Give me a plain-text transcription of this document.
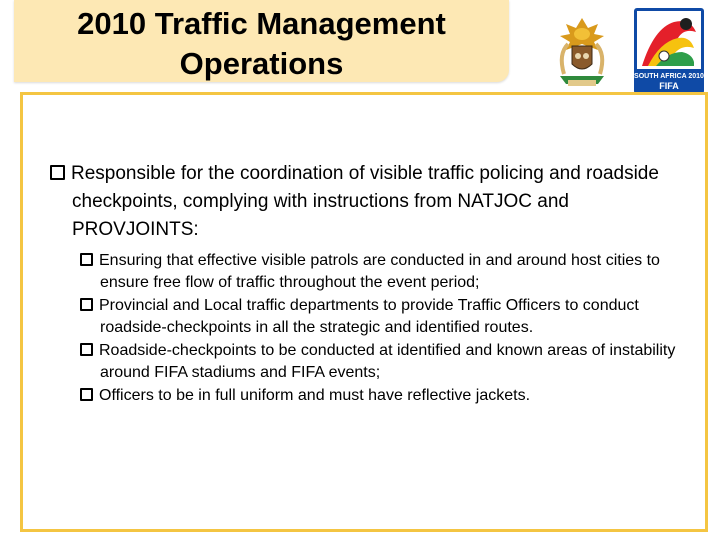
2010 Traffic Management
Operations	SOUTH AFRICA 2010
FIFA
Responsible for the coordination of visible traffic policing and roadside checkpoints, complying with instructions from NATJOC and PROVJOINTS:
Ensuring that effective visible patrols are conducted in and around host cities to ensure free flow of traffic throughout the event period;
Provincial and Local traffic departments to provide Traffic Officers to conduct roadside-checkpoints in all the strategic and identified routes.
Roadside-checkpoints to be conducted at identified and known areas of instability around FIFA stadiums and FIFA events;
Officers to be in full uniform and must have reflective jackets.
